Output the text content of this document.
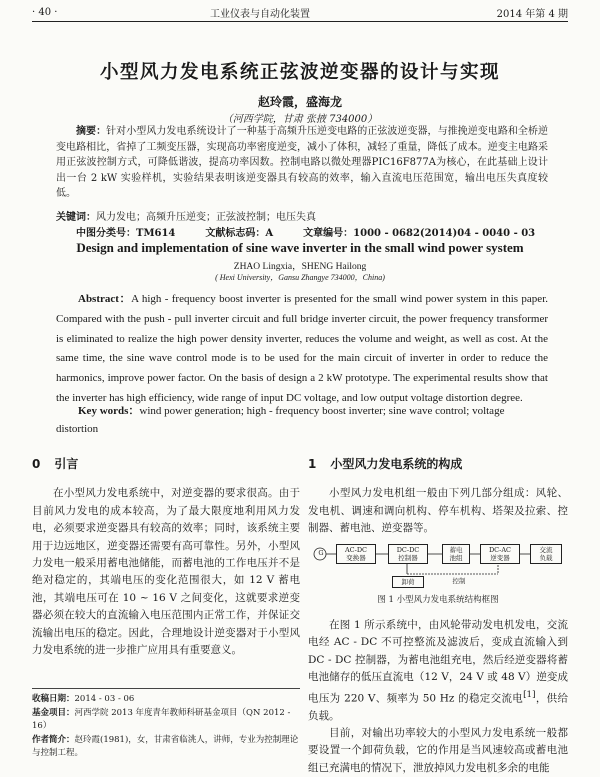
· 40 ·	工业仪表与自动化装置	2014 年第 4 期
小型风力发电系统正弦波逆变器的设计与实现
赵玲霞，盛海龙
（河西学院，甘肃 张掖 734000）
摘要：针对小型风力发电系统设计了一种基于高频升压逆变电路的正弦波逆变器，与推挽逆变电路和全桥逆变电路相比，省掉了工频变压器，实现高功率密度逆变，减小了体积，减轻了重量，降低了成本。逆变主电路采用正弦波控制方式，可降低谐波，提高功率因数。控制电路以微处理器PIC16F877A为核心，在此基础上设计出一台 2 kW 实验样机，实验结果表明该逆变器具有较高的效率，输入直流电压范围宽，输出电压失真度较低。
关键词：风力发电；高频升压逆变；正弦波控制；电压失真
中图分类号：TM614	文献标志码：A	文章编号：1000 - 0682(2014)04 - 0040 - 03
Design and implementation of sine wave inverter in the small wind power system
ZHAO Lingxia，SHENG Hailong
( Hexi University，Gansu Zhangye 734000，China)
Abstract：A high - frequency boost inverter is presented for the small wind power system in this paper. Compared with the push - pull inverter circuit and full bridge inverter circuit, the power frequency transformer is eliminated to realize the high power density inverter, reduces the volume and weight, as well as cost. At the same time, the sine wave control mode is to be used for the main circuit of inverter in order to reduce the harmonics, improve power factor. On the basis of design a 2 kW prototype. The experimental results show that the inverter has high efficiency, wide range of input DC voltage, and low output voltage distortion degree.
Key words：wind power generation; high - frequency boost inverter; sine wave control; voltage distortion
0 引言

在小型风力发电系统中，对逆变器的要求很高。由于目前风力发电的成本较高，为了最大限度地利用风力发电，必须要求逆变器具有较高的效率；同时，该系统主要用于边远地区，逆变器还需要有高可靠性。另外，小型风力发电一般采用蓄电池储能，而蓄电池的工作电压并不是绝对稳定的，其端电压的变化范围很大，如 12 V 蓄电池，其端电压可在 10 ~ 16 V 之间变化，这就要求逆变器必须在较大的直流输入电压范围内正常工作，并保证交流输出电压的稳定。因此，合理地设计逆变器对于小型风力发电系统的进一步推广应用具有重要意义。

收稿日期：2014 - 03 - 06
基金项目：河西学院 2013 年度青年教师科研基金项目（QN 2012 - 16）
作者简介：赵玲霞(1981)，女，甘肃省临洮人，讲师，专业为控制理论与控制工程。
1 小型风力发电系统的构成

小型风力发电机组一般由下列几部分组成：风轮、发电机、调速和调向机构、停车机构、塔架及拉索、控制器、蓄电池、逆变器等。

G	AC-DC
变换器
DC-DC
控制器
蓄电
池组
DC-AC
逆变器
交流
负载
卸荷	控制
图 1 小型风力发电系统结构框图

在图 1 所示系统中，由风轮带动发电机发电，交流电经 AC - DC 不可控整流及滤波后，变成直流输入到 DC - DC 控制器，为蓄电池组充电，然后经逆变器将蓄电池储存的低压直流电（12 V，24 V 或 48 V）逆变成电压为 220 V、频率为 50 Hz 的稳定交流电[1]，供给负载。

目前，对输出功率较大的小型风力发电系统一般都要设置一个卸荷负载，它的作用是当风速较高或蓄电池组已充满电的情况下，泄放掉风力发电机多余的电能
